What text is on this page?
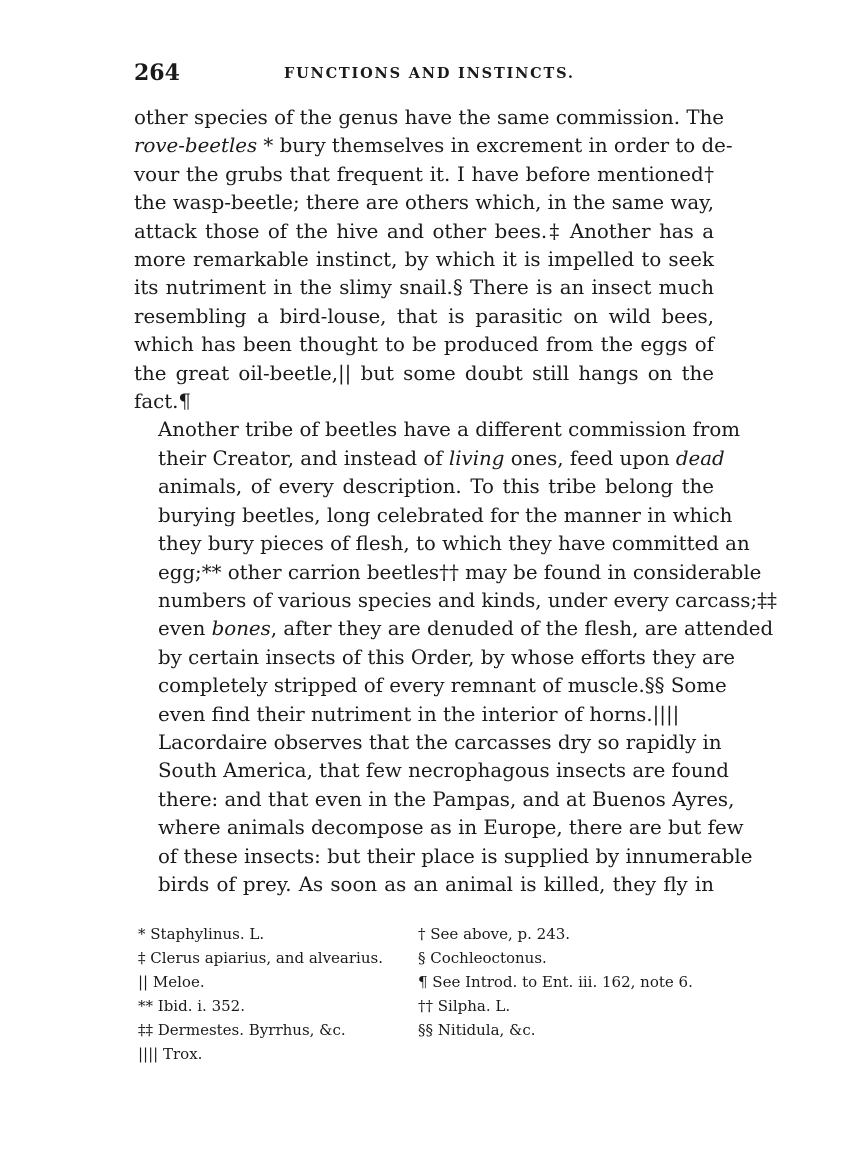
264	FUNCTIONS AND INSTINCTS.
other species of the genus have the same commission. The
rove-beetles * bury themselves in excrement in order to de-
vour the grubs that frequent it. I have before mentioned†
the wasp-beetle; there are others which, in the same way,
attack those of the hive and other bees.‡ Another has a
more remarkable instinct, by which it is impelled to seek
its nutriment in the slimy snail.§ There is an insect much
resembling a bird-louse, that is parasitic on wild bees,
which has been thought to be produced from the eggs of
the great oil-beetle,|| but some doubt still hangs on the
fact.¶
Another tribe of beetles have a different commission from
their Creator, and instead of living ones, feed upon dead
animals, of every description. To this tribe belong the
burying beetles, long celebrated for the manner in which
they bury pieces of flesh, to which they have committed an
egg;** other carrion beetles†† may be found in considerable
numbers of various species and kinds, under every carcass;‡‡
even bones, after they are denuded of the flesh, are attended
by certain insects of this Order, by whose efforts they are
completely stripped of every remnant of muscle.§§ Some
even find their nutriment in the interior of horns.||||
Lacordaire observes that the carcasses dry so rapidly in
South America, that few necrophagous insects are found
there: and that even in the Pampas, and at Buenos Ayres,
where animals decompose as in Europe, there are but few
of these insects: but their place is supplied by innumerable
birds of prey. As soon as an animal is killed, they fly in
* Staphylinus. L.
‡ Clerus apiarius, and alvearius.
|| Meloe.
** Ibid. i. 352.
‡‡ Dermestes. Byrrhus, &c.
|||| Trox.
† See above, p. 243.
§ Cochleoctonus.
¶ See Introd. to Ent. iii. 162, note 6.
†† Silpha. L.
§§ Nitidula, &c.
